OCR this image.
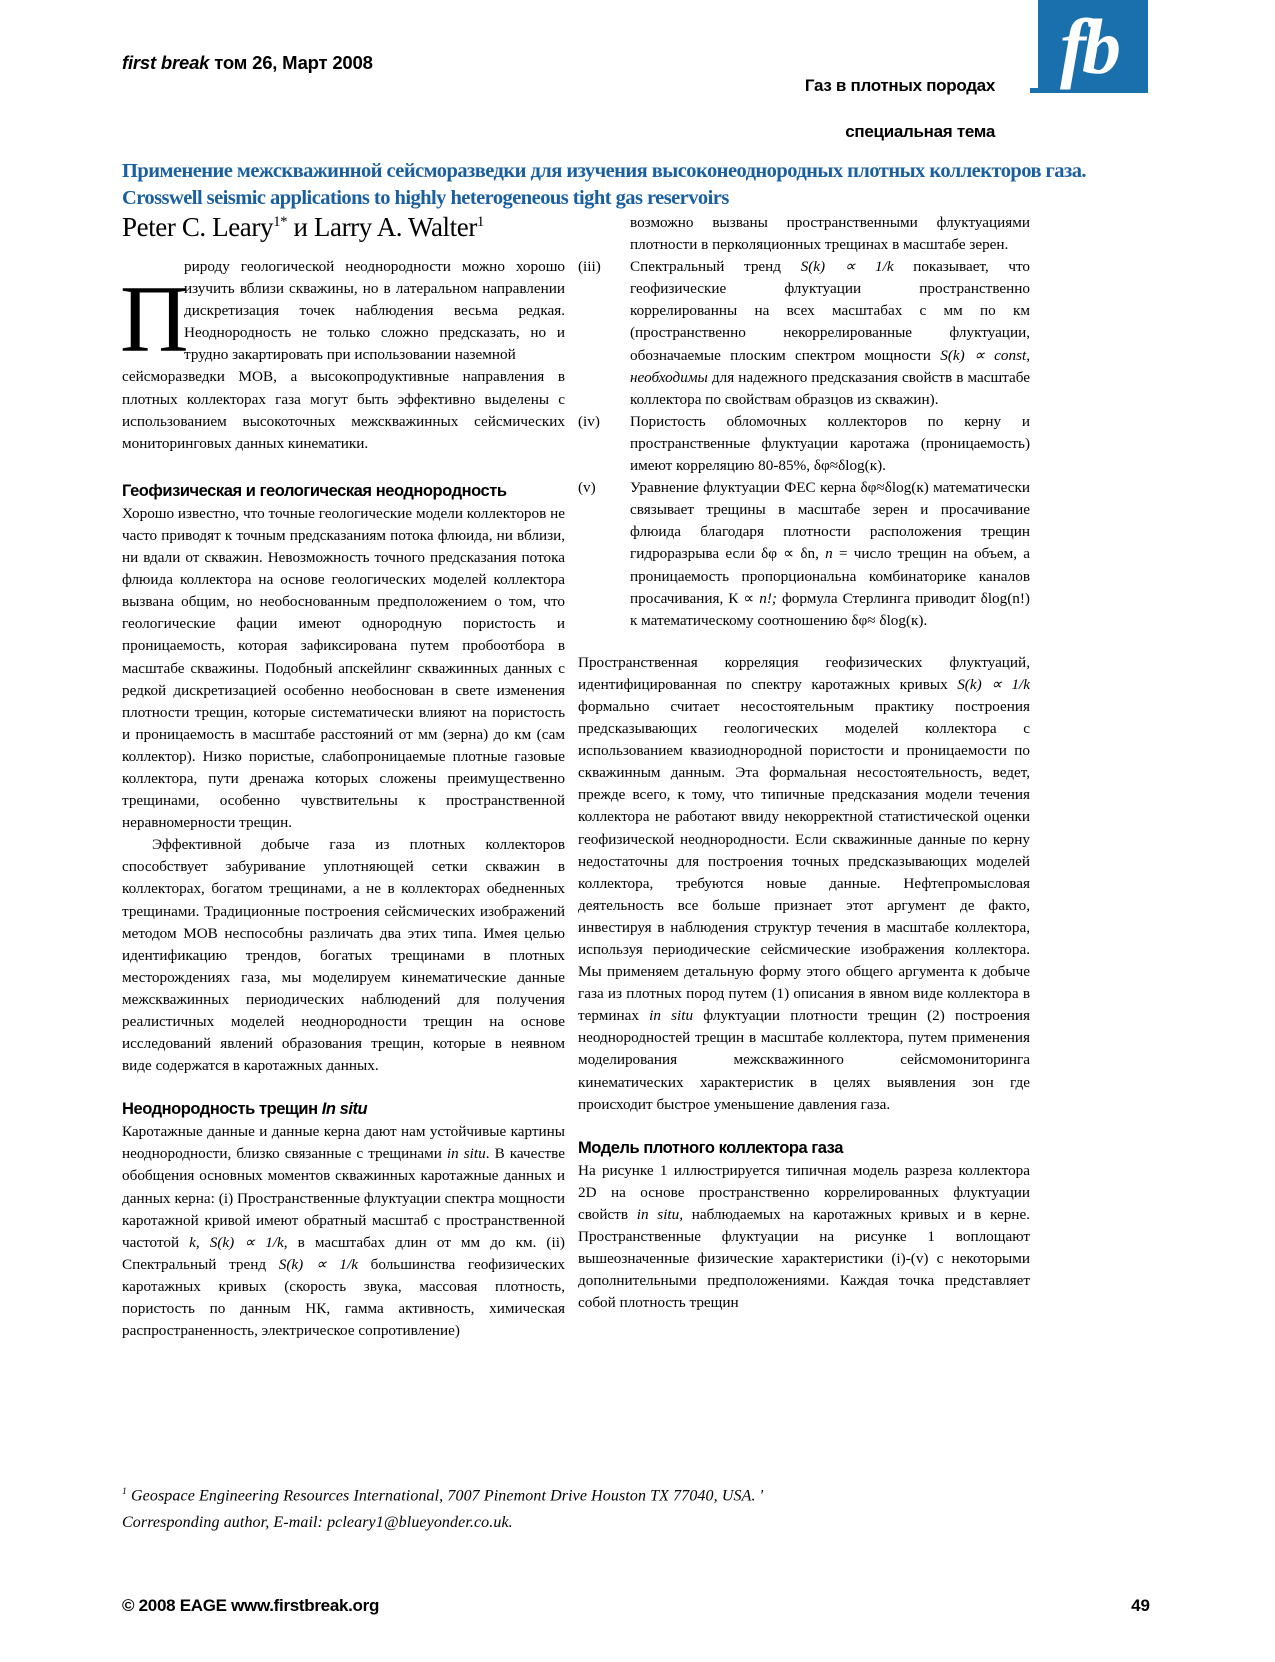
fb
first break том 26, Март 2008
Газ в плотных породах
специальная тема
Применение межскважинной сейсморазведки для изучения высоконеоднородных плотных коллекторов газа. Crosswell seismic applications to highly heterogeneous tight gas reservoirs
Peter C. Leary$^{1*}$ и Larry A. Walter$^1$
П
рироду геологической неоднородности можно хорошо изучить вблизи скважины, но в латеральном направлении дискретизация точек наблюдения весьма редкая. Неоднородность не только сложно предсказать, но и трудно закартировать при использовании наземной

сейсморазведки МОВ, а высокопродуктивные направления в плотных коллекторах газа могут быть эффективно выделены с использованием высокоточных межскважинных сейсмических мониторинговых данных кинематики.

Геофизическая и геологическая неоднородность

Хорошо известно, что точные геологические модели коллекторов не часто приводят к точным предсказаниям потока флюида, ни вблизи, ни вдали от скважин. Невозможность точного предсказания потока флюида коллектора на основе геологических моделей коллектора вызвана общим, но необоснованным предположением о том, что геологические фации имеют однородную пористость и проницаемость, которая зафиксирована путем пробоотбора в масштабе скважины. Подобный апскейлинг скважинных данных с редкой дискретизацией особенно необоснован в свете изменения плотности трещин, которые систематически влияют на пористость и проницаемость в масштабе расстояний от мм (зерна) до км (сам коллектор). Низко пористые, слабопроницаемые плотные газовые коллектора, пути дренажа которых сложены преимущественно трещинами, особенно чувствительны к пространственной неравномерности трещин.

Эффективной добыче газа из плотных коллекторов способствует забуривание уплотняющей сетки скважин в коллекторах, богатом трещинами, а не в коллекторах обедненных трещинами. Традиционные построения сейсмических изображений методом МОВ неспособны различать два этих типа. Имея целью идентификацию трендов, богатых трещинами в плотных месторождениях газа, мы моделируем кинематические данные межскважинных периодических наблюдений для получения реалистичных моделей неоднородности трещин на основе исследований явлений образования трещин, которые в неявном виде содержатся в каротажных данных.

Неоднородность трещин In situ

Каротажные данные и данные керна дают нам устойчивые картины неоднородности, близко связанные с трещинами in situ. В качестве обобщения основных моментов скважинных каротажные данных и данных керна: (i) Пространственные флуктуации спектра мощности каротажной кривой имеют обратный масштаб с пространственной частотой k, S(k) ∝ 1/k, в масштабах длин от мм до км. (ii) Спектральный тренд S(k) ∝ 1/k большинства геофизических каротажных кривых (скорость звука, массовая плотность, пористость по данным НК, гамма активность, химическая распространенность, электрическое сопротивление)

возможно вызваны пространственными флуктуациями плотности в перколяционных трещинах в масштабе зерен.
(iii)	Спектральный тренд S(k) ∝ 1/k показывает, что геофизические флуктуации пространственно коррелированны на всех масштабах с мм по км (пространственно некоррелированные флуктуации, обозначаемые плоским спектром мощности S(k) ∝ const, необходимы для надежного предсказания свойств в масштабе коллектора по свойствам образцов из скважин).
(iv)	Пористость обломочных коллекторов по керну и пространственные флуктуации каротажа (проницаемость) имеют корреляцию 80-85%, δφ≈δlog(к).
(v)	Уравнение флуктуации ФЕС керна δφ≈δlog(к) математически связывает трещины в масштабе зерен и просачивание флюида благодаря плотности расположения трещин гидроразрыва если δφ ∝ δn, n = число трещин на объем, а проницаемость пропорциональна комбинаторике каналов просачивания, К ∝ n!; формула Стерлинга приводит δlog(n!) к математическому соотношению δφ≈ δlog(к).

Пространственная корреляция геофизических флуктуаций, идентифицированная по спектру каротажных кривых S(k) ∝ 1/k формально считает несостоятельным практику построения предсказывающих геологических моделей коллектора с использованием квазиоднородной пористости и проницаемости по скважинным данным. Эта формальная несостоятельность, ведет, прежде всего, к тому, что типичные предсказания модели течения коллектора не работают ввиду некорректной статистической оценки геофизической неоднородности. Если скважинные данные по керну недостаточны для построения точных предсказывающих моделей коллектора, требуются новые данные. Нефтепромысловая деятельность все больше признает этот аргумент де факто, инвестируя в наблюдения структур течения в масштабе коллектора, используя периодические сейсмические изображения коллектора. Мы применяем детальную форму этого общего аргумента к добыче газа из плотных пород путем (1) описания в явном виде коллектора в терминах in situ флуктуации плотности трещин (2) построения неоднородностей трещин в масштабе коллектора, путем применения моделирования межскважинного сейсмомониторинга кинематических характеристик в целях выявления зон где происходит быстрое уменьшение давления газа.

Модель плотного коллектора газа

На рисунке 1 иллюстрируется типичная модель разреза коллектора 2D на основе пространственно коррелированных флуктуации свойств in situ, наблюдаемых на каротажных кривых и в керне. Пространственные флуктуации на рисунке 1 воплощают вышеозначенные физические характеристики (i)-(v) с некоторыми дополнительными предположениями. Каждая точка представляет собой плотность трещин

$^1$ Geospace Engineering Resources International, 7007 Pinemont Drive Houston TX 77040, USA. '
Corresponding author, E-mail: pcleary1@blueyonder.co.uk.
© 2008 EAGE www.firstbreak.org	49
